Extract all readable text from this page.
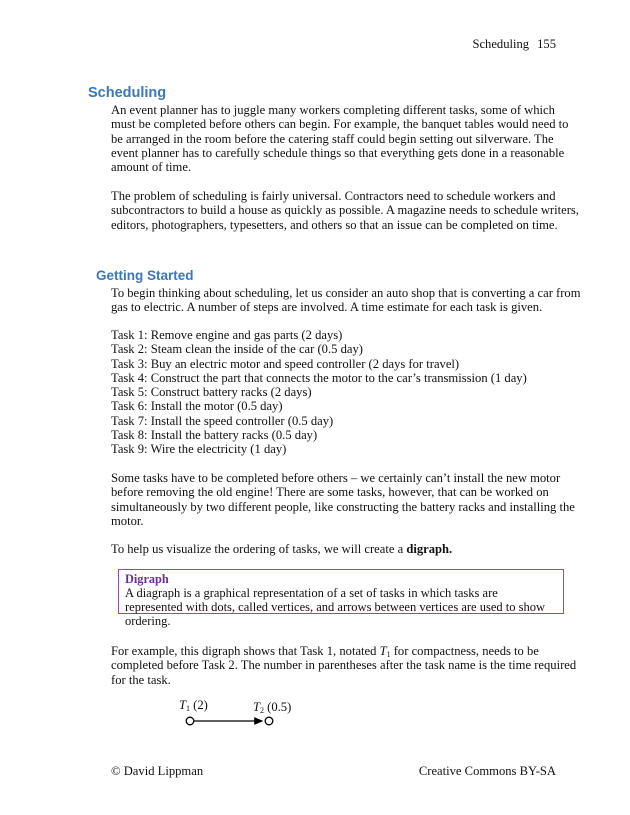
Scheduling 155
Scheduling

An event planner has to juggle many workers completing different tasks, some of which must be completed before others can begin. For example, the banquet tables would need to be arranged in the room before the catering staff could begin setting out silverware. The event planner has to carefully schedule things so that everything gets done in a reasonable amount of time.

The problem of scheduling is fairly universal. Contractors need to schedule workers and subcontractors to build a house as quickly as possible. A magazine needs to schedule writers, editors, photographers, typesetters, and others so that an issue can be completed on time.

Getting Started

To begin thinking about scheduling, let us consider an auto shop that is converting a car from gas to electric. A number of steps are involved. A time estimate for each task is given.

Task 1: Remove engine and gas parts (2 days)
Task 2: Steam clean the inside of the car (0.5 day)
Task 3: Buy an electric motor and speed controller (2 days for travel)
Task 4: Construct the part that connects the motor to the car’s transmission (1 day)
Task 5: Construct battery racks (2 days)
Task 6: Install the motor (0.5 day)
Task 7: Install the speed controller (0.5 day)
Task 8: Install the battery racks (0.5 day)
Task 9: Wire the electricity (1 day)

Some tasks have to be completed before others – we certainly can’t install the new motor before removing the old engine! There are some tasks, however, that can be worked on simultaneously by two different people, like constructing the battery racks and installing the motor.

To help us visualize the ordering of tasks, we will create a digraph.

Digraph
A diagraph is a graphical representation of a set of tasks in which tasks are represented with dots, called vertices, and arrows between vertices are used to show ordering.

For example, this digraph shows that Task 1, notated $T_1$ for compactness, needs to be completed before Task 2. The number in parentheses after the task name is the time required for the task.

$T_1$ (2)	$T_2$ (0.5)
© David Lippman	Creative Commons BY-SA
